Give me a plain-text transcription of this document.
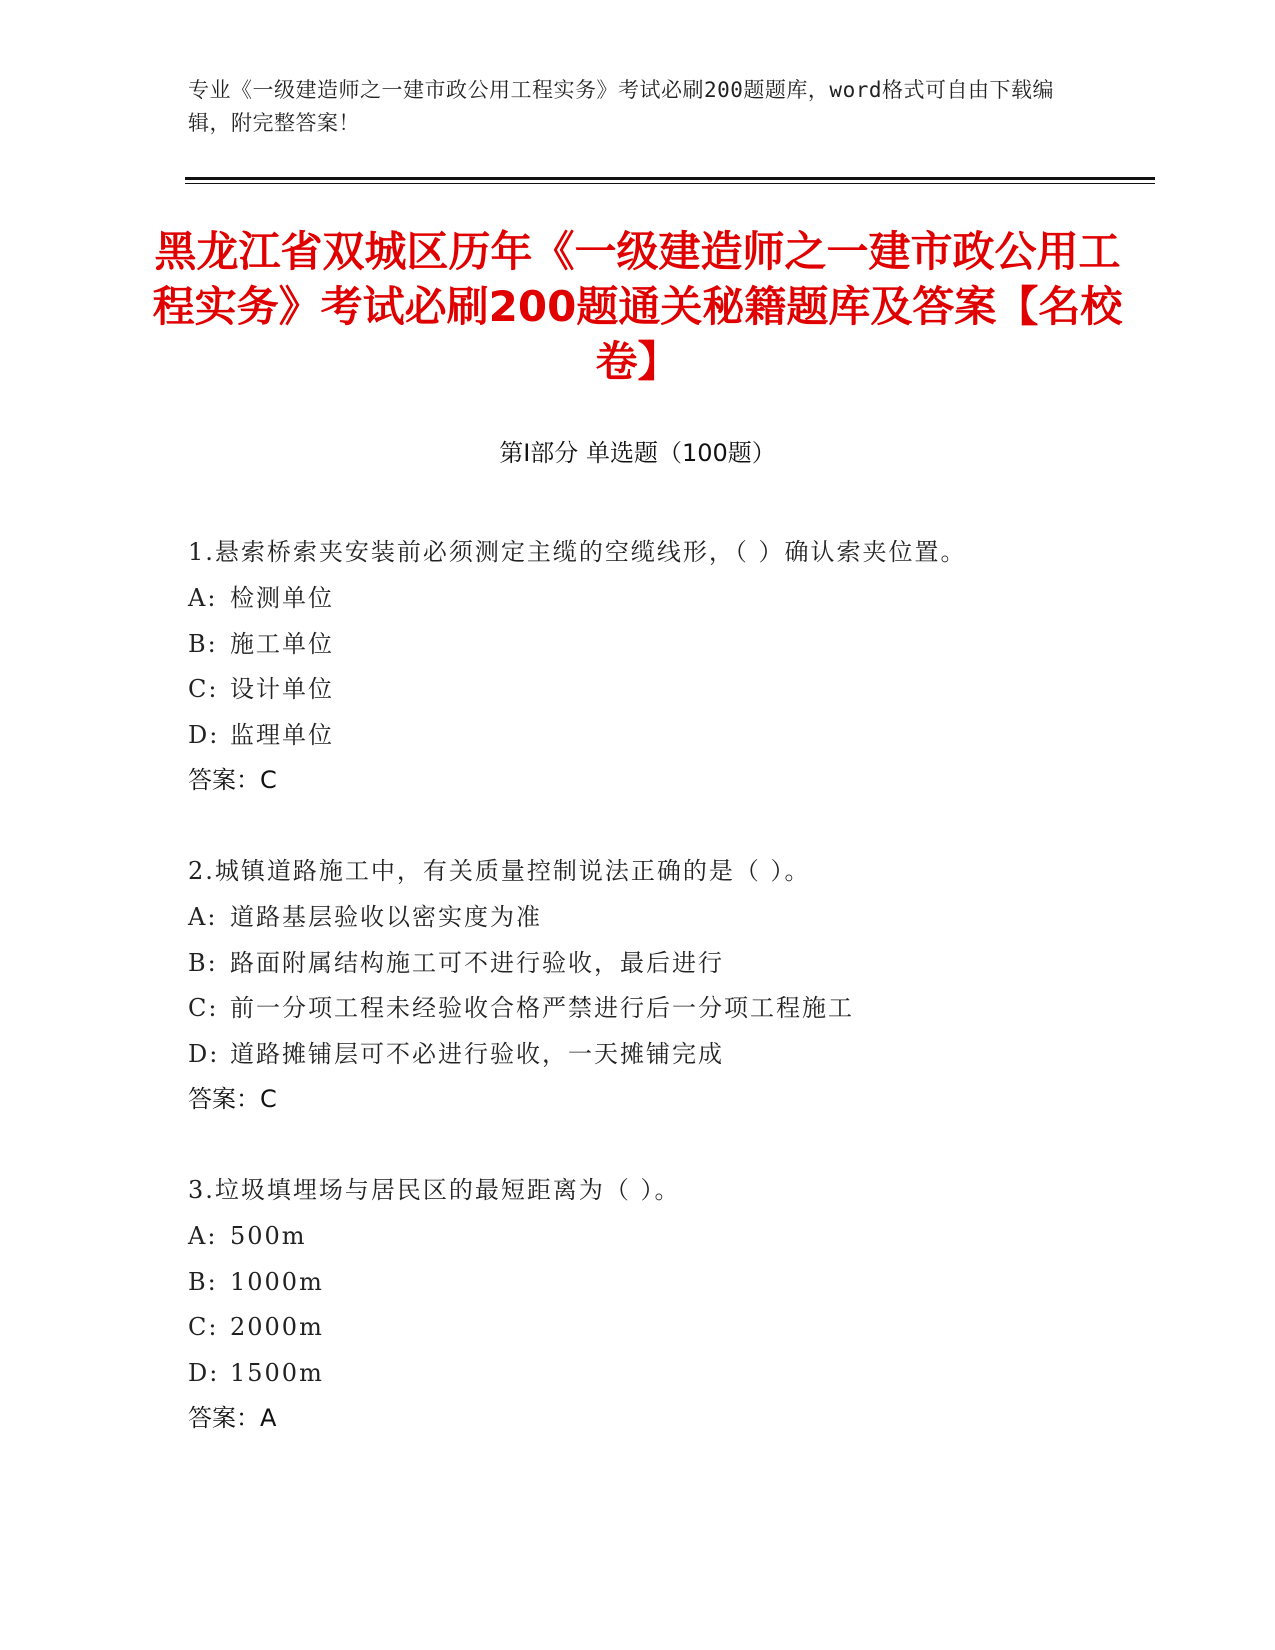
专业《一级建造师之一建市政公用工程实务》考试必刷200题题库，word格式可自由下载编辑，附完整答案！
黑龙江省双城区历年《一级建造师之一建市政公用工程实务》考试必刷200题通关秘籍题库及答案【名校卷】
第I部分 单选题（100题）
1.悬索桥索夹安装前必须测定主缆的空缆线形，（ ）确认索夹位置。
A: 检测单位
B: 施工单位
C: 设计单位
D: 监理单位
答案：C
2.城镇道路施工中，有关质量控制说法正确的是（ ）。
A: 道路基层验收以密实度为准
B: 路面附属结构施工可不进行验收，最后进行
C: 前一分项工程未经验收合格严禁进行后一分项工程施工
D: 道路摊铺层可不必进行验收，一天摊铺完成
答案：C
3.垃圾填埋场与居民区的最短距离为（ ）。
A: 500m
B: 1000m
C: 2000m
D: 1500m
答案：A
